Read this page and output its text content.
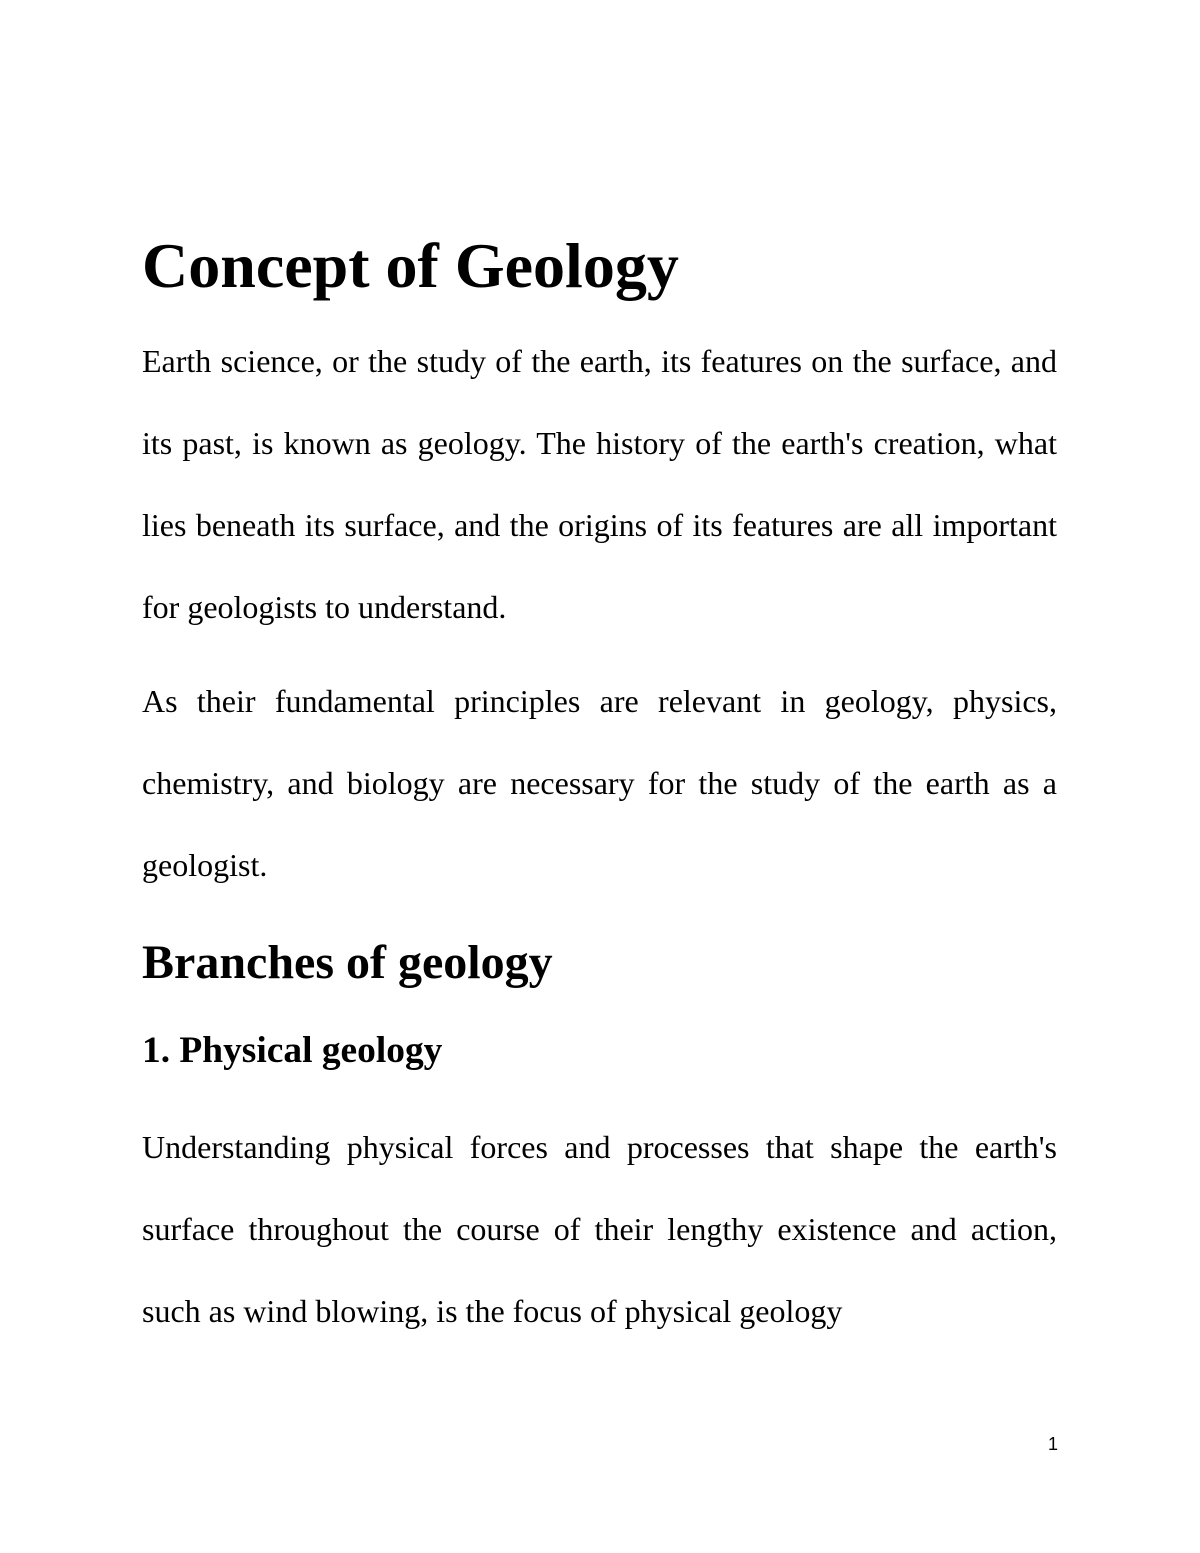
Concept of Geology

Earth science, or the study of the earth, its features on the surface, and its past, is known as geology. The history of the earth's creation, what lies beneath its surface, and the origins of its features are all important for geologists to understand.

As their fundamental principles are relevant in geology, physics, chemistry, and biology are necessary for the study of the earth as a geologist.

Branches of geology
1. Physical geology

Understanding physical forces and processes that shape the earth's surface throughout the course of their lengthy existence and action, such as wind blowing, is the focus of physical geology

1
